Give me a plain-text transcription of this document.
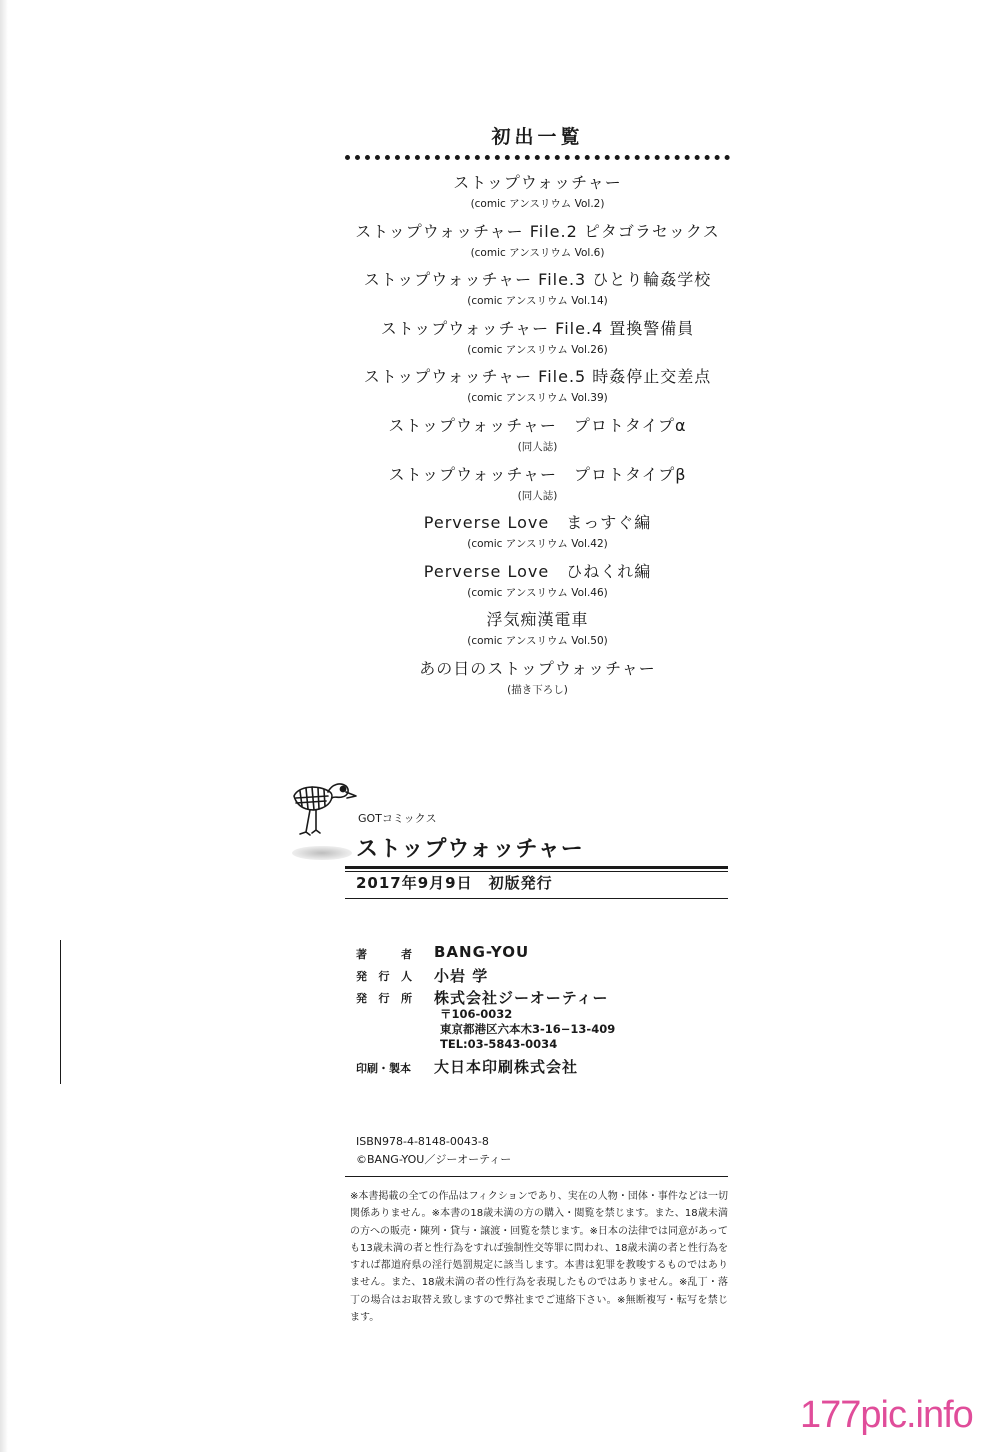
初出一覧
ストップウォッチャー
(comic アンスリウム Vol.2)
ストップウォッチャー File.2 ピタゴラセックス
(comic アンスリウム Vol.6)
ストップウォッチャー File.3 ひとり輪姦学校
(comic アンスリウム Vol.14)
ストップウォッチャー File.4 置換警備員
(comic アンスリウム Vol.26)
ストップウォッチャー File.5 時姦停止交差点
(comic アンスリウム Vol.39)
ストップウォッチャー　プロトタイプα
(同人誌)
ストップウォッチャー　プロトタイプβ
(同人誌)
Perverse Love　まっすぐ編
(comic アンスリウム Vol.42)
Perverse Love　ひねくれ編
(comic アンスリウム Vol.46)
浮気痴漢電車
(comic アンスリウム Vol.50)
あの日のストップウォッチャー
(描き下ろし)
GOTコミックス
ストップウォッチャー
2017年9月9日　初版発行
著	者 BANG-YOU
発 行 人 小岩 学
発 行 所 株式会社ジーオーティー
〒106-0032
東京都港区六本木3-16−13-409
TEL:03-5843-0034
印刷・製本 大日本印刷株式会社
ISBN978-4-8148-0043-8
©BANG-YOU／ジーオーティー
※本書掲載の全ての作品はフィクションであり、実在の人物・団体・事件などは一切関係ありません。※本書の18歳未満の方の購入・閲覧を禁じます。また、18歳未満の方への販売・陳列・貸与・譲渡・回覧を禁じます。※日本の法律では同意があっても13歳未満の者と性行為をすれば強制性交等罪に問われ、18歳未満の者と性行為をすれば都道府県の淫行処罰規定に該当します。本書は犯罪を教唆するものではありません。また、18歳未満の者の性行為を表現したものではありません。※乱丁・落丁の場合はお取替え致しますので弊社までご連絡下さい。※無断複写・転写を禁じます。
177pic.info
